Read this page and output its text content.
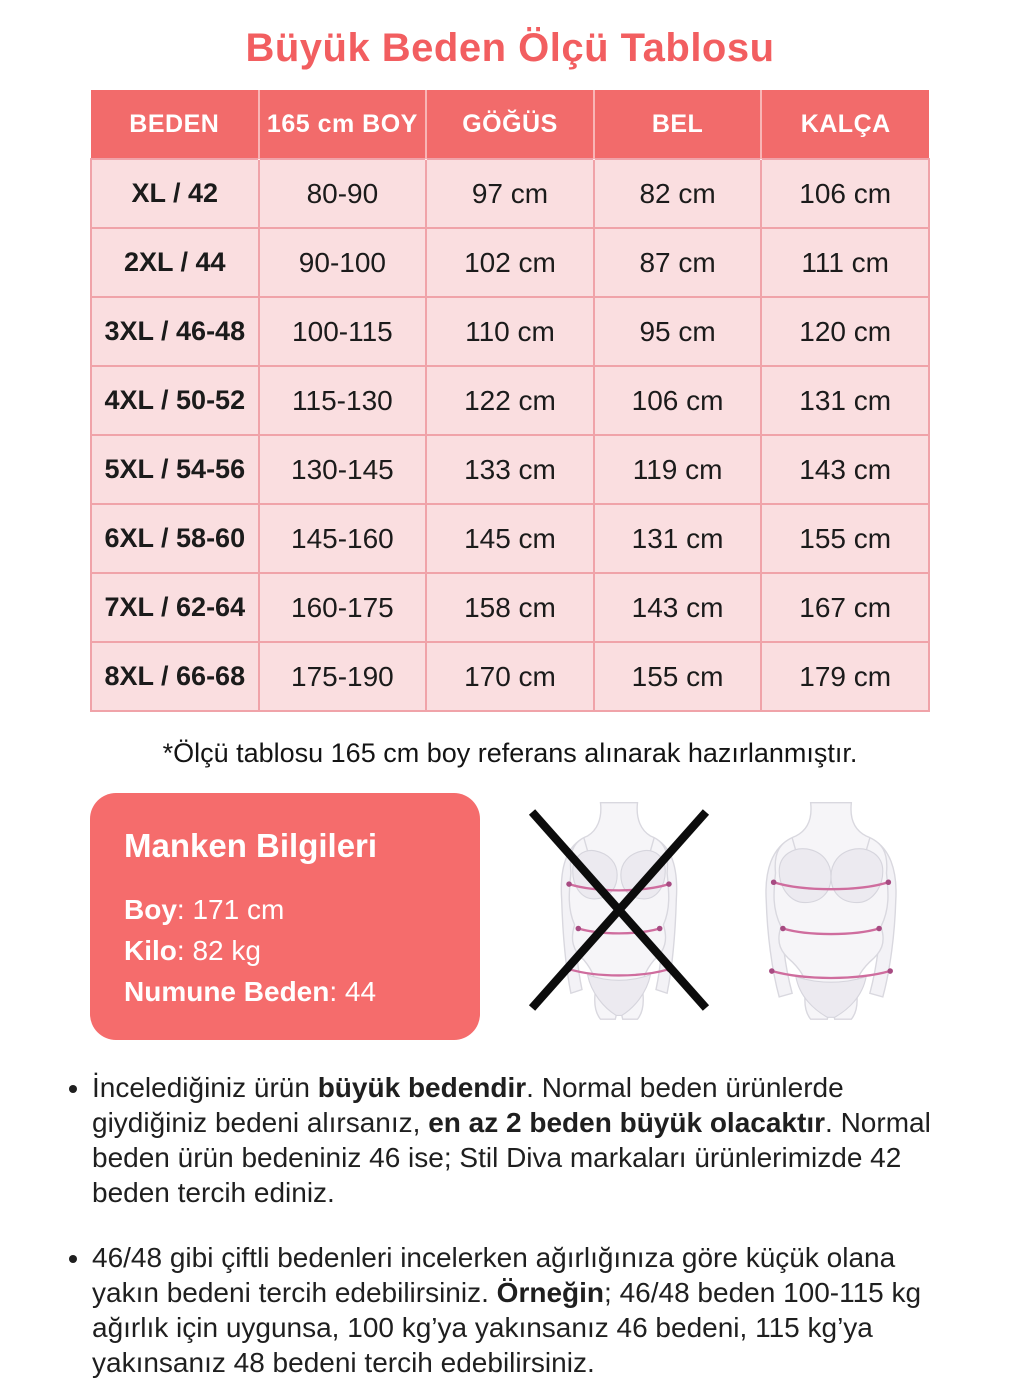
Büyük Beden Ölçü Tablosu
BEDEN	165 cm BOY	GÖĞÜS	BEL	KALÇA
XL / 42	80-90	97 cm	82 cm	106 cm
2XL / 44	90-100	102 cm	87 cm	111 cm
3XL / 46-48	100-115	110 cm	95 cm	120 cm
4XL / 50-52	115-130	122 cm	106 cm	131 cm
5XL / 54-56	130-145	133 cm	119 cm	143 cm
6XL / 58-60	145-160	145 cm	131 cm	155 cm
7XL / 62-64	160-175	158 cm	143 cm	167 cm
8XL / 66-68	175-190	170 cm	155 cm	179 cm
*Ölçü tablosu 165 cm boy referans alınarak hazırlanmıştır.
Manken Bilgileri
Boy: 171 cm
Kilo: 82 kg
Numune Beden: 44
• İncelediğiniz ürün büyük bedendir. Normal beden ürünlerde giydiğiniz bedeni alırsanız, en az 2 beden büyük olacaktır. Normal beden ürün bedeniniz 46 ise; Stil Diva markaları ürünlerimizde 42 beden tercih ediniz.
• 46/48 gibi çiftli bedenleri incelerken ağırlığınıza göre küçük olana yakın bedeni tercih edebilirsiniz. Örneğin; 46/48 beden 100-115 kg ağırlık için uygunsa, 100 kg’ya yakınsanız 46 bedeni, 115 kg’ya yakınsanız 48 bedeni tercih edebilirsiniz.
